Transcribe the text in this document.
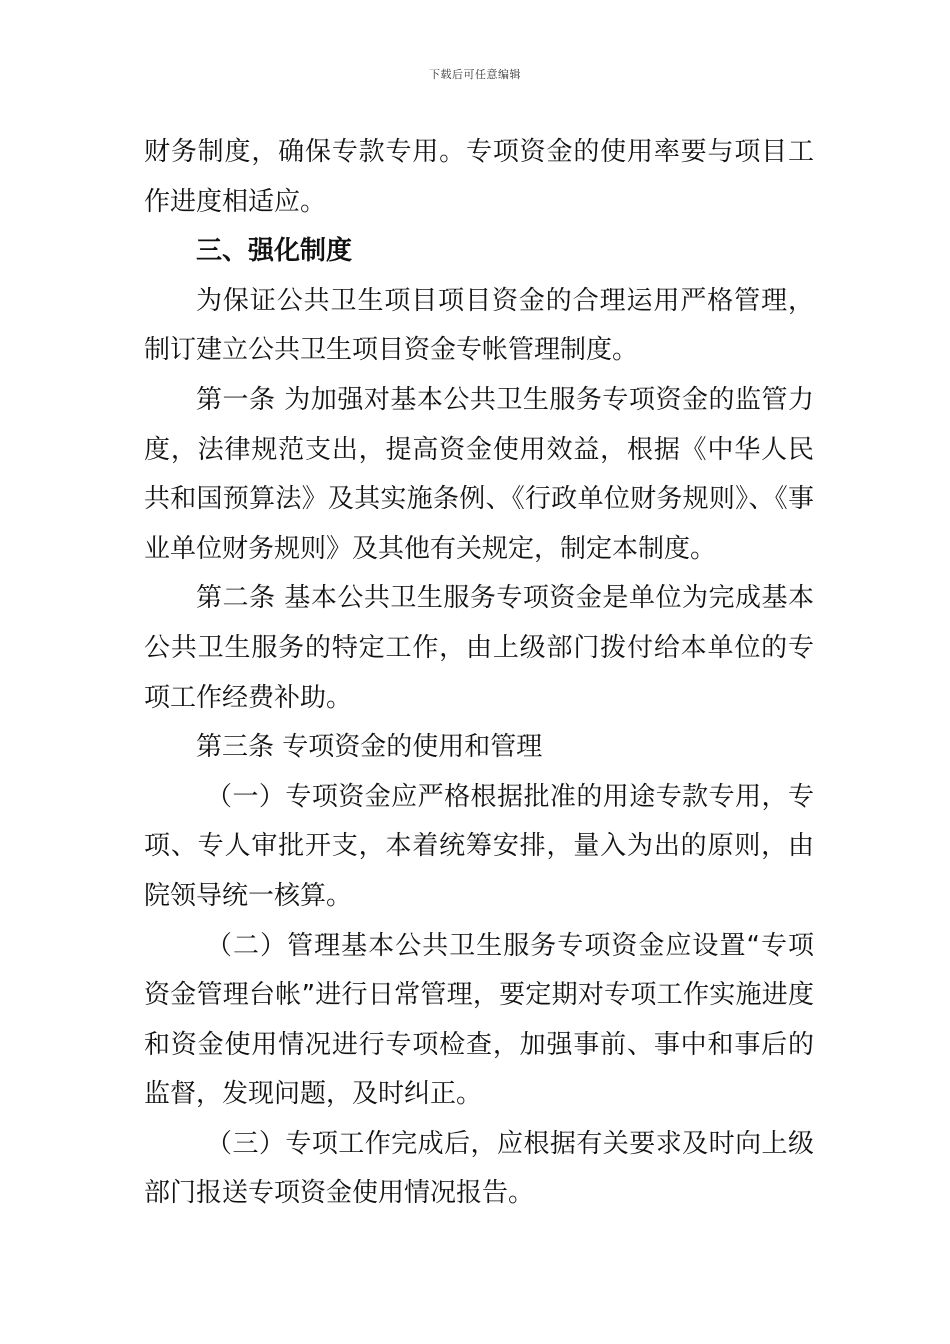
下载后可任意编辑

财务制度，确保专款专用。专项资金的使用率要与项目工作进度相适应。

三、强化制度

为保证公共卫生项目项目资金的合理运用严格管理，制订建立公共卫生项目资金专帐管理制度。

第一条 为加强对基本公共卫生服务专项资金的监管力度，法律规范支出，提高资金使用效益，根据《中华人民共和国预算法》及其实施条例、《行政单位财务规则》、《事业单位财务规则》及其他有关规定，制定本制度。

第二条 基本公共卫生服务专项资金是单位为完成基本公共卫生服务的特定工作，由上级部门拨付给本单位的专项工作经费补助。

第三条 专项资金的使用和管理

（一）专项资金应严格根据批准的用途专款专用，专项、专人审批开支，本着统筹安排，量入为出的原则，由院领导统一核算。

（二）管理基本公共卫生服务专项资金应设置“专项资金管理台帐”进行日常管理，要定期对专项工作实施进度和资金使用情况进行专项检查，加强事前、事中和事后的监督，发现问题，及时纠正。

（三）专项工作完成后，应根据有关要求及时向上级部门报送专项资金使用情况报告。
